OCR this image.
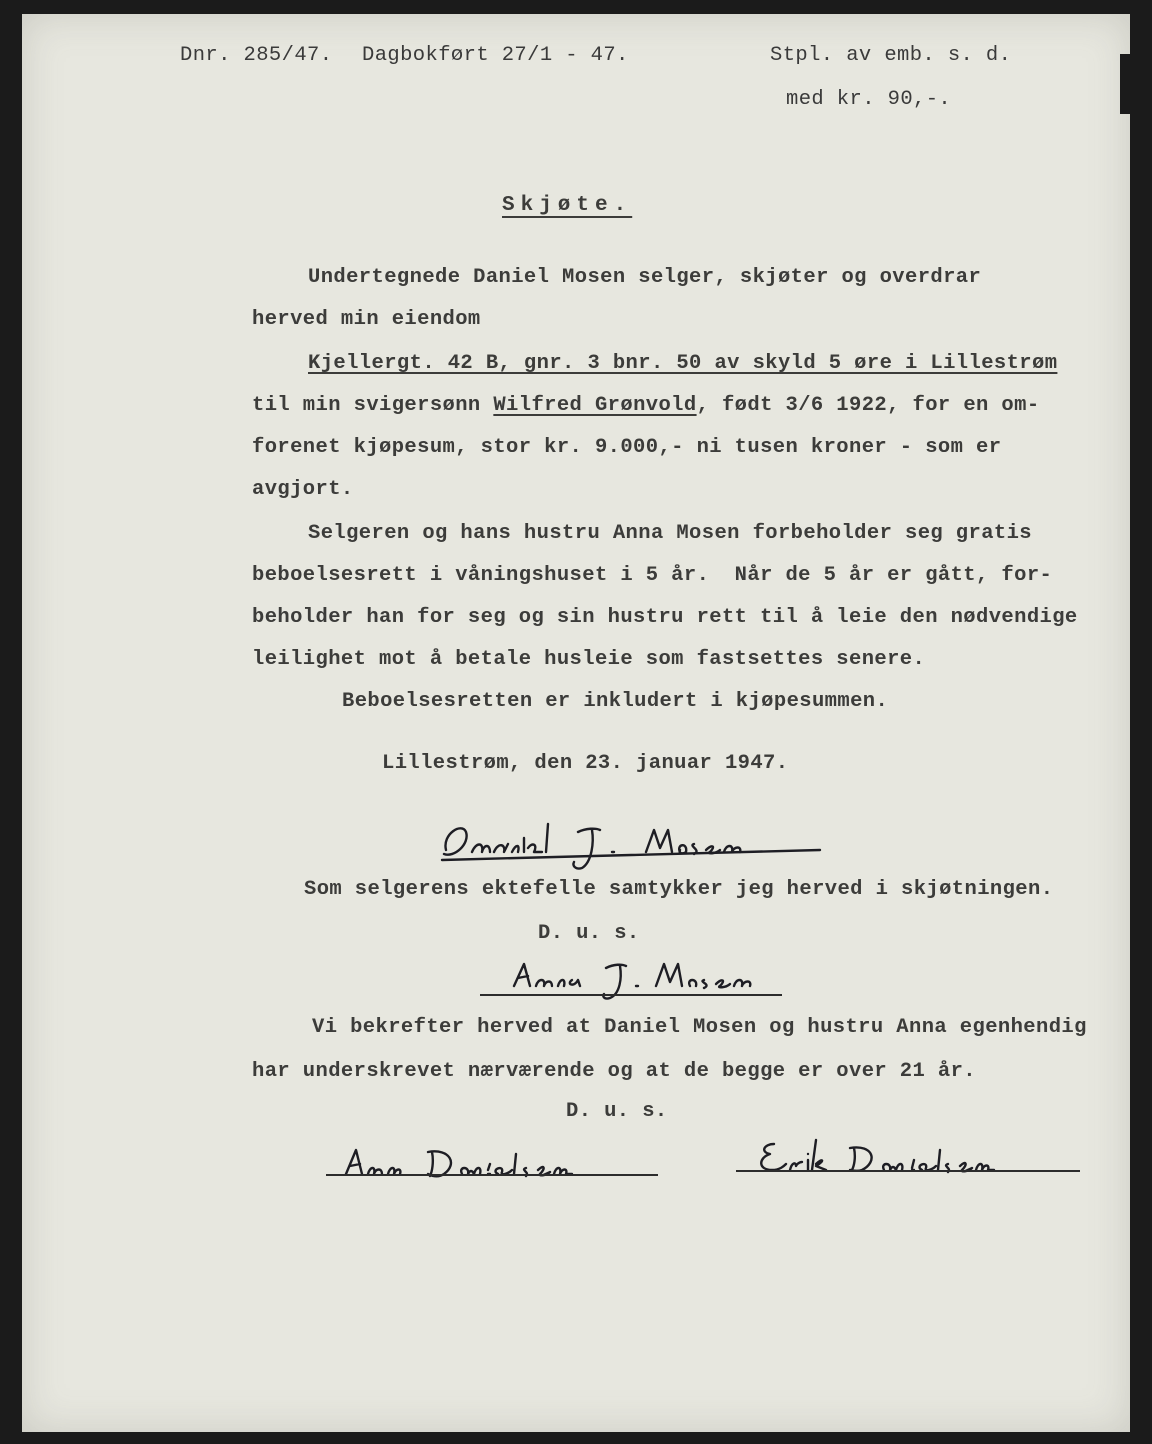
Dnr. 285/47. Dagbokført 27/1 - 47.	Stpl. av emb. s. d.
med kr. 90,-.
Skjøte.
Undertegnede Daniel Mosen selger, skjøter og overdrar
herved min eiendom
Kjellergt. 42 B, gnr. 3 bnr. 50 av skyld 5 øre i Lillestrøm
til min svigersønn Wilfred Grønvold, født 3/6 1922, for en om-
forenet kjøpesum, stor kr. 9.000,- ni tusen kroner - som er
avgjort.
Selgeren og hans hustru Anna Mosen forbeholder seg gratis
beboelsesrett i våningshuset i 5 år.  Når de 5 år er gått, for-
beholder han for seg og sin hustru rett til å leie den nødvendige
leilighet mot å betale husleie som fastsettes senere.
Beboelsesretten er inkludert i kjøpesummen.
Lillestrøm, den 23. januar 1947.
Som selgerens ektefelle samtykker jeg herved i skjøtningen.
D. u. s.
Vi bekrefter herved at Daniel Mosen og hustru Anna egenhendig
har underskrevet nærværende og at de begge er over 21 år.
D. u. s.
